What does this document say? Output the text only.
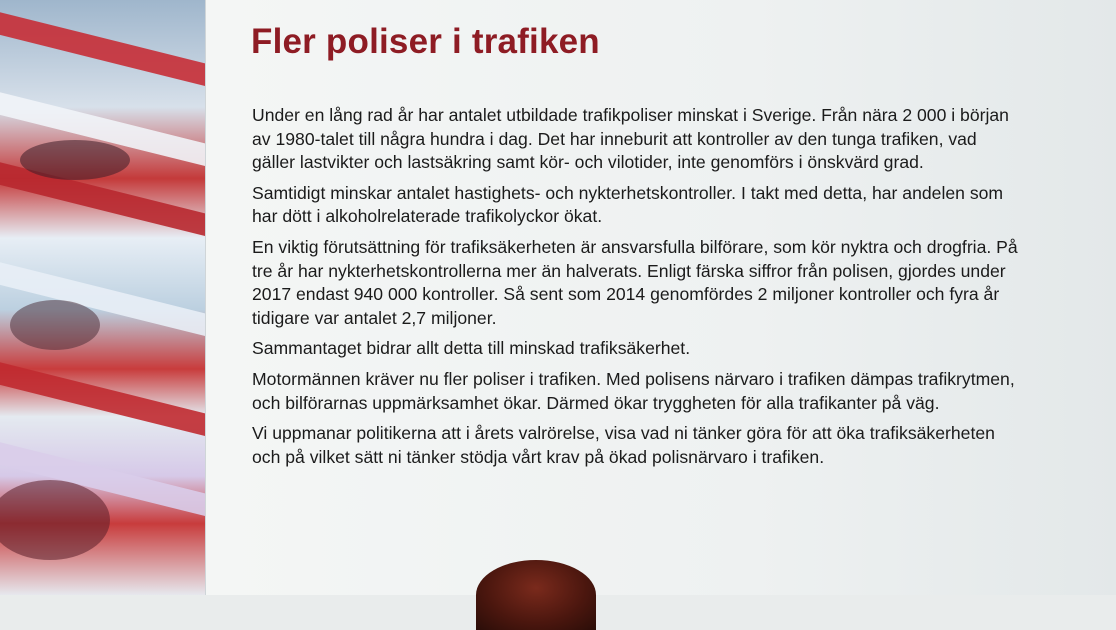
Fler poliser i trafiken

Under en lång rad år har antalet utbildade trafikpoliser minskat i Sverige. Från nära 2 000 i början av 1980-talet till några hundra i dag. Det har inneburit att kontroller av den tunga trafiken, vad gäller lastvikter och lastsäkring samt kör- och vilotider, inte genomförs i önskvärd grad.

Samtidigt minskar antalet hastighets- och nykterhetskontroller. I takt med detta, har andelen som har dött i alkoholrelaterade trafikolyckor ökat.

En viktig förutsättning för trafiksäkerheten är ansvarsfulla bilförare, som kör nyktra och drogfria. På tre år har nykterhetskontrollerna mer än halverats. Enligt färska siffror från polisen, gjordes under 2017 endast 940 000 kontroller. Så sent som 2014 genomfördes 2 miljoner kontroller och fyra år tidigare var antalet 2,7 miljoner.

Sammantaget bidrar allt detta till minskad trafiksäkerhet.

Motormännen kräver nu fler poliser i trafiken. Med polisens närvaro i trafiken dämpas trafikrytmen, och bilförarnas uppmärksamhet ökar. Därmed ökar tryggheten för alla trafikanter på väg.

Vi uppmanar politikerna att i årets valrörelse, visa vad ni tänker göra för att öka trafiksäkerheten och på vilket sätt ni tänker stödja vårt krav på ökad polisnärvaro i trafiken.
